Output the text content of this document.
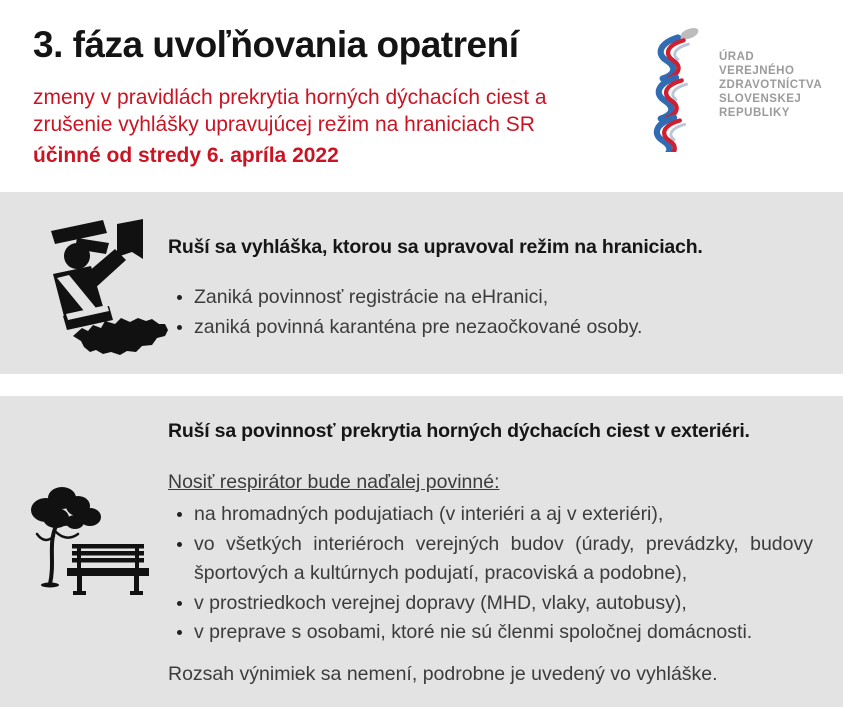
3. fáza uvoľňovania opatrení
zmeny v pravidlách prekrytia horných dýchacích ciest a zrušenie vyhlášky upravujúcej režim na hraniciach SR
účinné od stredy 6. apríla 2022
ÚRAD
VEREJNÉHO
ZDRAVOTNÍCTVA
SLOVENSKEJ
REPUBLIKY
Ruší sa vyhláška, ktorou sa upravoval režim na hraniciach.
• Zaniká povinnosť registrácie na eHranici,
• zaniká povinná karanténa pre nezaočkované osoby.
Ruší sa povinnosť prekrytia horných dýchacích ciest v exteriéri.
Nosiť respirátor bude naďalej povinné:
• na hromadných podujatiach (v interiéri a aj v exteriéri),
• vo všetkých interiéroch verejných budov (úrady, prevádzky, budovy športových a kultúrnych podujatí, pracoviská a podobne),
• v prostriedkoch verejnej dopravy (MHD, vlaky, autobusy),
• v preprave s osobami, ktoré nie sú členmi spoločnej domácnosti.
Rozsah výnimiek sa nemení, podrobne je uvedený vo vyhláške.
